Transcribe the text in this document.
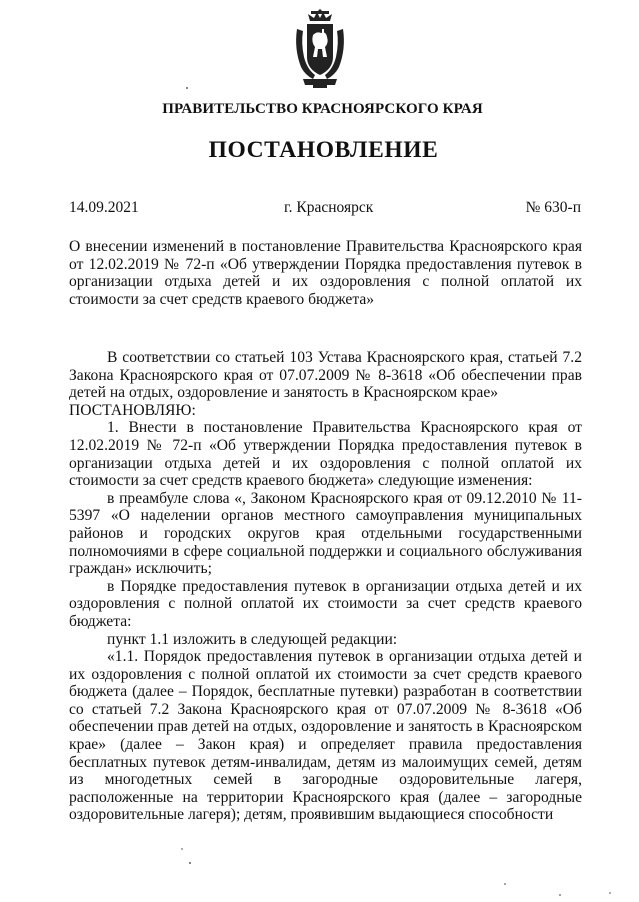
ПРАВИТЕЛЬСТВО КРАСНОЯРСКОГО КРАЯ
ПОСТАНОВЛЕНИЕ
14.09.2021	г. Красноярск	№ 630-п
О внесении изменений в постановление Правительства Красноярского края от 12.02.2019 № 72-п «Об утверждении Порядка предоставления путевок в организации отдыха детей и их оздоровления с полной оплатой их стоимости за счет средств краевого бюджета»

В соответствии со статьей 103 Устава Красноярского края, статьей 7.2 Закона Красноярского края от 07.07.2009 № 8-3618 «Об обеспечении прав детей на отдых, оздоровление и занятость в Красноярском крае»

ПОСТАНОВЛЯЮ:

1. Внести в постановление Правительства Красноярского края от 12.02.2019 № 72-п «Об утверждении Порядка предоставления путевок в организации отдыха детей и их оздоровления с полной оплатой их стоимости за счет средств краевого бюджета» следующие изменения:

в преамбуле слова «, Законом Красноярского края от 09.12.2010 № 11-5397 «О наделении органов местного самоуправления муниципальных районов и городских округов края отдельными государственными полномочиями в сфере социальной поддержки и социального обслуживания граждан» исключить;

в Порядке предоставления путевок в организации отдыха детей и их оздоровления с полной оплатой их стоимости за счет средств краевого бюджета:

пункт 1.1 изложить в следующей редакции:

«1.1. Порядок предоставления путевок в организации отдыха детей и их оздоровления с полной оплатой их стоимости за счет средств краевого бюджета (далее – Порядок, бесплатные путевки) разработан в соответствии со статьей 7.2 Закона Красноярского края от 07.07.2009 № 8-3618 «Об обеспечении прав детей на отдых, оздоровление и занятость в Красноярском крае» (далее – Закон края) и определяет правила предоставления бесплатных путевок детям-инвалидам, детям из малоимущих семей, детям из многодетных семей в загородные оздоровительные лагеря, расположенные на территории Красноярского края (далее – загородные оздоровительные лагеря); детям, проявившим выдающиеся способности
